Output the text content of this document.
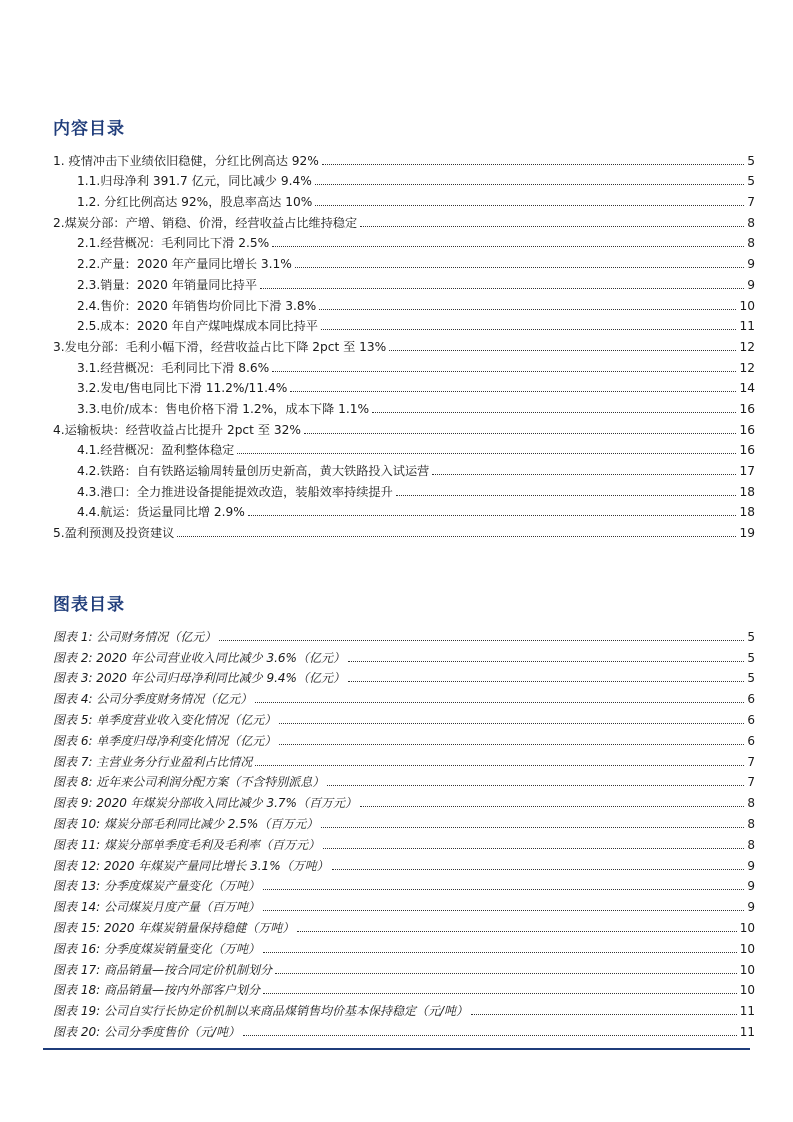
内容目录
1. 疫情冲击下业绩依旧稳健，分红比例高达 92%	5
1.1.归母净利 391.7 亿元，同比减少 9.4%	5
1.2. 分红比例高达 92%，股息率高达 10%	7
2.煤炭分部：产增、销稳、价滑，经营收益占比维持稳定	8
2.1.经营概况：毛利同比下滑 2.5%	8
2.2.产量：2020 年产量同比增长 3.1%	9
2.3.销量：2020 年销量同比持平	9
2.4.售价：2020 年销售均价同比下滑 3.8%	10
2.5.成本：2020 年自产煤吨煤成本同比持平	11
3.发电分部：毛利小幅下滑，经营收益占比下降 2pct 至 13%	12
3.1.经营概况：毛利同比下滑 8.6%	12
3.2.发电/售电同比下滑 11.2%/11.4%	14
3.3.电价/成本：售电价格下滑 1.2%，成本下降 1.1%	16
4.运输板块：经营收益占比提升 2pct 至 32%	16
4.1.经营概况：盈利整体稳定	16
4.2.铁路：自有铁路运输周转量创历史新高，黄大铁路投入试运营	17
4.3.港口：全力推进设备提能提效改造，装船效率持续提升	18
4.4.航运：货运量同比增 2.9%	18
5.盈利预测及投资建议	19
图表目录
图表 1: 公司财务情况（亿元）	5
图表 2: 2020 年公司营业收入同比减少 3.6%（亿元）	5
图表 3: 2020 年公司归母净利同比减少 9.4%（亿元）	5
图表 4: 公司分季度财务情况（亿元）	6
图表 5: 单季度营业收入变化情况（亿元）	6
图表 6: 单季度归母净利变化情况（亿元）	6
图表 7: 主营业务分行业盈利占比情况	7
图表 8: 近年来公司利润分配方案（不含特别派息）	7
图表 9: 2020 年煤炭分部收入同比减少 3.7%（百万元）	8
图表 10: 煤炭分部毛利同比减少 2.5%（百万元）	8
图表 11: 煤炭分部单季度毛利及毛利率（百万元）	8
图表 12: 2020 年煤炭产量同比增长 3.1%（万吨）	9
图表 13: 分季度煤炭产量变化（万吨）	9
图表 14: 公司煤炭月度产量（百万吨）	9
图表 15: 2020 年煤炭销量保持稳健（万吨）	10
图表 16: 分季度煤炭销量变化（万吨）	10
图表 17: 商品销量—按合同定价机制划分	10
图表 18: 商品销量—按内外部客户划分	10
图表 19: 公司自实行长协定价机制以来商品煤销售均价基本保持稳定（元/吨）	11
图表 20: 公司分季度售价（元/吨）	11
